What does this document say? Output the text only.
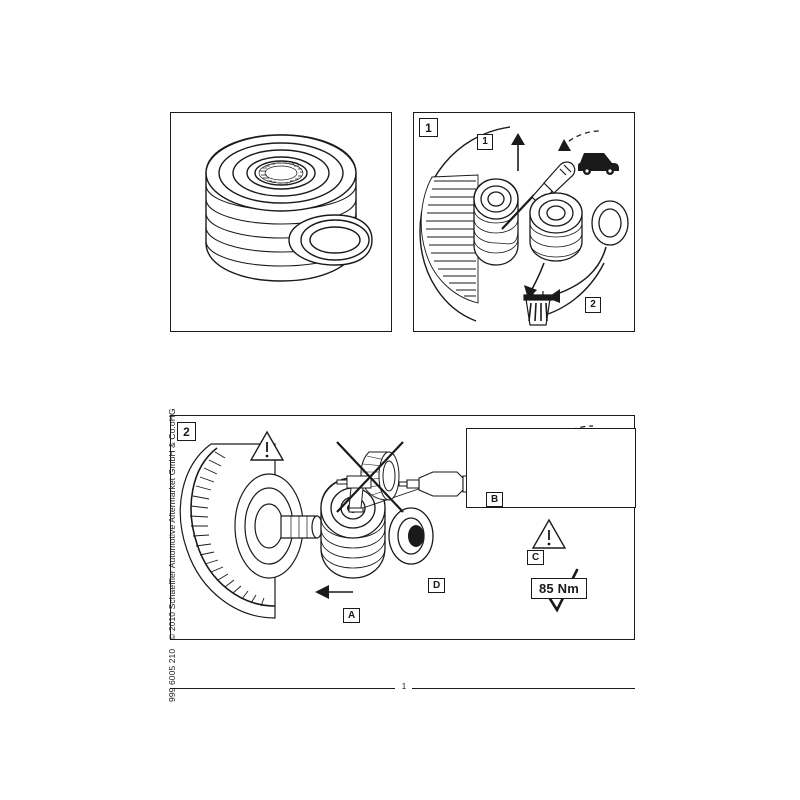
1
1
2
2
A
B
C
D	85 Nm
© 2010 Schaeffler Automotive Aftermarket GmbH & Co.oHG
999 6005 210	1
